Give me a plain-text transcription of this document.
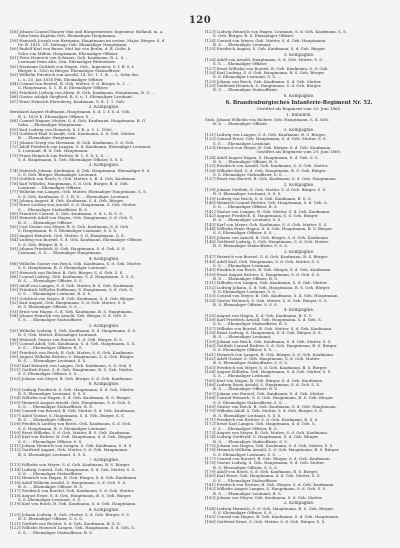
120
[58] Johann Conrad Maurer Mai und Bürgermeister, Ingenieur, Holland, m. a.
Sohn beim Kapitän Geh. Ehemaligen Hauptmann.
[59] Heinrich Joseph von Hermann, Hauptmann im ersten, Major, Bürger, S. d.
Dr. B. 1810. 18. Zeitungs Geh. Ehemaliger Hauptmann.
[60] Rudolf Karl von Bauer, Mut hat von Berlin, d. B. Goltz, k.
Sohn von Militär, Hauptmann, Ehemaliger Offizier.
[61] Peter Heinrich von Schwarz, Geh. Kaufmann, R. L. S. ...
Leutnant beim Alte, Gen. Ehemaliger Rittmeister.
[62] Hermann Gottlieb von Hagen, Geh., Ingenieur, S. f. B. S. f.
Bürger, b. 1820 in Bürger. Ehemaliger Stabsoffizier.
[63] Wilhelm Friedrich von Arnold, 14. 09. 1. 1. B. ... L. Sohn des
L. u. 20. Jan 1818 Feb. Ehemaliger Offizier.
[64] Conrad von Borstel, B. Geh. Mutter, S. d. Bürger, k. 3. ...
S. Hauptmann, S. 1. B. d. Ehemaliger Offizier.
[65] Friedrich Ludwig von Ahlen, B. Geh. Kaufmann, Hauptmann, B. G. ...
[66] Gustav Adolph Siegfried, B. S. u. 1. Ehemaliger Leutnant.
[67] Ernst Heinrich Ehrenberg, Kaufmann, S. d. 1. 1. Geh.
2. Kompagnie.
Bernhard August Hoffmann, Hauptmann, S. d. 1. f. S. d. Geh.
B. L. 1820 K. Ehemaliger Offizier, S. ...
[68] Conrad Wagner, Mutter, S. d. Geh. Kaufmann. Hauptmann. B. G.
Sohn ... Ehemaliger Hauptmann.
[69] Karl Ludwig von Heinrich, S. f. B. u. 1. L. 1800.
[70] Gottfried Emil Schmidt, Geh. Kaufmann, S. d. Geh. Mutter.
B. ... Ehemaliger Hauptmann.
[71] Johann Georg von Hermann, B. Geh. Kaufmann, S. d. Geh.
[72] Adolf Friedrich von Langen, S. d. Kaufmann, Ehemaliger Leutnant.
S. Leutnant, B. d. Geh. Hauptmann.
[73] Franz Heinrich von Richter, B. 1. S. S. L. S. ...
S. d. Hauptmann, S. Geh. Ehemaliger Offizier, S. S. S.
3. Kompagnie.
[74] Heinrich Johann, Kaufmann, d. Geh. Hauptmann. Ehemaliger S. S.
S. S. Geh. Bürger, Ehemaliger Leutnant.
[75] Gottlieb von Reich, S. Geh. Mutter, L. B. d. Geh. Kaufmann.
[76] Karl Wilhelm, Hauptmann, S. d. Geh. Bürger, B. d. Geh.
Leutnant ... Ehemaliger Offizier.
[77] Wilhelm von Langen, Geh. Mutter, Ehemaliger Hauptmann, S. S.
S. S. Geh. Kaufmann, S. 1. B. S. ... Ehemaliger Leutnant.
[78] Johann August, B. Geh. Kaufmann, S. d. Geh. Bürger.
[79] Ernst Ludwig von Arnold, S. d. Hauptmann, S. Geh. Mutter.
S. ... Ehemaliger Stabsoffizier, B. S.
[80] Friedrich Conrad, S. Geh. Kaufmann, S. d. L. B. S. S.
[81] Heinrich Adolf von Hagen, Geh. Hauptmann, S. d. Geh. S.
B. S. ... Ehemaliger Offizier.
[82] Carl Gustav von Meyer, B. d. Geh. Kaufmann, S. d. Geh.
S. Hauptmann, B. S. Ehemaliger Leutnant, S. S. S.
[83] August Heinrich, Geh. Mutter, S. d. Hauptmann, S. S.
[84] Ludwig von Borstel, S. d. Geh. Kaufmann, Ehemaliger Offizier.
S. S. Geh. Bürger, B. S. ...
[85] Johann Friedrich, B. Geh. Hauptmann, S. d. Geh. S. S.
Leutnant, S. S. ... Ehemaliger Hauptmann.
4. Kompagnie.
[86] Wilhelm Gustav von Reich, Geh. Kaufmann, S. d. Geh. Mutter.
S. S. Hauptmann, B. S. Ehemaliger Leutnant.
[87] Heinrich von Richter, B. Geh. Bürger, S. d. Geh. S. S.
[88] Conrad Ludwig, Geh. Kaufmann, S. d. Hauptmann, S. S. S.
B. S. ... Ehemaliger Offizier, S. S.
[89] Adolf von Langen, S. d. Geh. Mutter, B. S. Geh. Kaufmann.
[90] Friedrich Wilhelm Hoffmann, S. Hauptmann, S. d. Geh. S.
S. S. ... Ehemaliger Leutnant, B. S. S.
[91] Gottfried von Meyer, B. Geh. Kaufmann, S. d. Geh. Bürger.
[92] Karl August, Geh. Hauptmann, S. d. Geh. Mutter, S. S.
B. S. Ehemaliger Offizier, S. S. ...
[93] Ernst von Hagen, S. d. Geh. Kaufmann, B. S. Hauptmann.
[94] Johann Heinrich von Arnold, Geh. Bürger, S. d. Geh. S.
S. S. ... Ehemaliger Stabsoffizier.
5. Kompagnie.
[95] Wilhelm Ludwig, S. Geh. Kaufmann, S. d. Hauptmann, S. S.
B. S. Geh. Mutter, Ehemaliger Leutnant.
[96] Heinrich Gustav von Borstel, S. d. Geh. Bürger, B. S.
[97] Conrad Adolf, Geh. Kaufmann, S. d. Geh. Hauptmann, S. S.
S. S. ... Ehemaliger Offizier, B. S.
[98] Friedrich von Reich, B. Geh. Mutter, S. d. Geh. Kaufmann.
[99] August Wilhelm Richter, S. Hauptmann, S. d. Geh. Bürger.
B. S. ... Ehemaliger Leutnant, S. S.
[100] Karl Heinrich von Langen, Geh. Kaufmann, S. d. Geh. S.
[101] Gottlieb Ernst, S. d. Geh. Hauptmann, B. S. Geh. Mutter.
S. S. Ehemaliger Offizier, S. S. ...
[102] Johann von Meyer, B. Geh. Bürger, S. d. Geh. Kaufmann.
6. Kompagnie.
[103] Ludwig Friedrich, S. Geh. Hauptmann, S. d. Geh. Mutter.
B. S. Ehemaliger Leutnant, S. S. S.
[104] Wilhelm von Hagen, S. d. Geh. Kaufmann, B. S. Bürger.
[105] Heinrich August Arnold, Geh. Hauptmann, S. d. Geh. S.
S. S. ... Ehemaliger Stabsoffizier, B. S.
[106] Conrad von Borstel, B. Geh. Mutter, S. d. Geh. Kaufmann.
[107] Adolf Gustav, S. Hauptmann, S. d. Geh. Bürger, S. S.
B. S. ... Ehemaliger Offizier.
[108] Friedrich Ludwig von Reich, Geh. Kaufmann, S. d. Geh.
S. S. Hauptmann, B. S. Ehemaliger Leutnant.
[109] Ernst Wilhelm, S. d. Geh. Mutter, B. S. Geh. Kaufmann.
[110] Karl von Richter, B. Geh. Hauptmann, S. d. Geh. Bürger.
S. S. ... Ehemaliger Offizier, S. S.
[111] Johann Heinrich von Langen, S. Geh. Kaufmann, S. d. S.
[112] Gottfried August, Geh. Mutter, S. d. Geh. Hauptmann.
B. S. Ehemaliger Leutnant, S. S. S.
7. Kompagnie.
[113] Wilhelm von Meyer, S. d. Geh. Kaufmann, B. S. Bürger.
[114] Ludwig Conrad, Geh. Hauptmann, S. d. Geh. Mutter, S. S.
S. S. ... Ehemaliger Stabsoffizier.
[115] Heinrich von Hagen, B. Geh. Bürger, S. d. Geh. Kaufmann.
[116] Adolf Wilhelm Arnold, S. Hauptmann, S. d. Geh. S. S.
B. S. ... Ehemaliger Offizier, B. S.
[117] Friedrich von Borstel, Geh. Kaufmann, S. d. Geh. Mutter.
[118] August Ernst, S. d. Geh. Hauptmann, B. S. Geh. Bürger.
S. S. Ehemaliger Leutnant, S. S. ...
[119] Karl von Reich, B. Geh. Kaufmann, S. d. Geh. Hauptmann.
8. Kompagnie.
[120] Johann Ludwig, S. Geh. Mutter, S. d. Geh. Bürger, S. S.
B. S. Ehemaliger Offizier, S. S. S.
[121] Gottlieb von Richter, S. d. Geh. Kaufmann, B. S. S.
[122] Wilhelm Heinrich Langen, Geh. Hauptmann, S. d. Geh. S.
S. S. ... Ehemaliger Stabsoffizier, B. S.
[123] Ludwig Heinrich von Hagen, Leutnant, S. d. Geh. Kaufmann, S. S.
S. Geh. Bürger, B. S. Ehemaliger Offizier.
[124] Conrad von Meyer, Geh. Mutter, S. d. Geh. Hauptmann.
B. S. ... Ehemaliger Leutnant.
[125] Friedrich August, S. Geh. Kaufmann, S. d. Geh. Bürger.
3. Kompagnie.
[126] Adolf von Arnold, Hauptmann, S. d. Geh. Mutter, S. S.
S. S. ... Ehemaliger Offizier.
[127] Ernst Wilhelm von Borstel, B. Geh. Kaufmann, S. d. Geh.
[128] Karl Ludwig, S. d. Geh. Hauptmann, B. S. Geh. Bürger.
S. S. Ehemaliger Leutnant, S. S. ...
[129] Johann von Reich, Geh. Kaufmann, S. d. Geh. Mutter.
[130] Gottfried Heinrich, S. Hauptmann, S. d. Geh. Bürger.
B. S. ... Ehemaliger Stabsoffizier.
6. Kompagnie.
6. Brandenburgisches Infanterie-Regiment Nr. 52.
Gestiftet als Regiment vom 29. Juni 1860.
1. Bataillon.
Stab. Johann Wilhelm von Richter, Geh. Hauptmann, S. d. Geh.
B. S. ... Ehemaliger Offizier.
1. Kompagnie.
[131] Ludwig von Langen, S. d. Geh. Kaufmann, B. S. Bürger.
[132] Conrad Ernst, Geh. Hauptmann, S. d. Geh. Mutter, S. S.
S. S. ... Ehemaliger Leutnant.
[133] Heinrich von Meyer, B. Geh. Bürger, S. d. Geh. Kaufmann.
Gestiftet als Regiment vom 29. Juni 1860.
[134] Adolf August Hagen, S. Hauptmann, S. d. Geh. S. S.
B. S. ... Ehemaliger Offizier, B. S.
[135] Friedrich von Arnold, Geh. Kaufmann, S. d. Geh. Mutter.
[136] Wilhelm Karl, S. d. Geh. Hauptmann, B. S. Geh. Bürger.
S. S. Ehemaliger Stabsoffizier, S. S. ...
[137] Ernst von Borstel, B. Geh. Kaufmann, S. d. Geh. Hauptmann.
2. Kompagnie.
[138] Johann Gottlieb, S. Geh. Mutter, S. d. Geh. Bürger, S. S.
B. S. Ehemaliger Leutnant, S. S. S.
[139] Ludwig von Reich, S. d. Geh. Kaufmann, B. S. S.
[140] Heinrich Conrad Richter, Geh. Hauptmann, S. d. Geh. S.
S. S. ... Ehemaliger Offizier, B. S.
[141] Gustav von Langen, B. Geh. Mutter, S. d. Geh. Kaufmann.
[142] August Friedrich, S. Hauptmann, S. d. Geh. Bürger.
B. S. ... Ehemaliger Leutnant, S. S.
[143] Karl von Meyer, Geh. Kaufmann, S. d. Geh. Mutter, S. S.
[144] Wilhelm Ernst Hagen, S. d. Geh. Hauptmann, B. S. Bürger.
S. S. Ehemaliger Offizier, S. S. ...
[145] Johann von Arnold, B. Geh. Bürger, S. d. Geh. Kaufmann.
[146] Gottfried Ludwig, S. Geh. Hauptmann, S. d. Geh. Mutter.
B. S. Ehemaliger Stabsoffizier, S. S. S.
3. Kompagnie.
[147] Heinrich von Borstel, S. d. Geh. Kaufmann, B. S. Bürger.
[148] Adolf Karl, Geh. Hauptmann, S. d. Geh. Mutter, S. S.
S. S. ... Ehemaliger Leutnant.
[149] Friedrich von Reich, B. Geh. Bürger, S. d. Geh. Kaufmann.
[150] Ernst August Richter, S. Hauptmann, S. d. Geh. S. S.
B. S. ... Ehemaliger Offizier, B. S.
[151] Wilhelm von Langen, Geh. Kaufmann, S. d. Geh. Mutter.
[152] Ludwig Johann, S. d. Geh. Hauptmann, B. S. Geh. Bürger.
S. S. Ehemaliger Leutnant, S. S. ...
[153] Conrad von Meyer, B. Geh. Kaufmann, S. d. Geh. Hauptmann.
[154] Gustav Heinrich, S. Geh. Mutter, S. d. Geh. Bürger, S. S.
B. S. Ehemaliger Offizier, S. S. S.
4. Kompagnie.
[155] August von Hagen, S. d. Geh. Kaufmann, B. S. S.
[156] Karl Friedrich Arnold, Geh. Hauptmann, S. d. Geh. S.
S. S. ... Ehemaliger Stabsoffizier, B. S.
[157] Wilhelm von Borstel, B. Geh. Mutter, S. d. Geh. Kaufmann.
[158] Ernst Ludwig, S. Hauptmann, S. d. Geh. Bürger, S. S.
B. S. ... Ehemaliger Leutnant.
[159] Johann von Reich, Geh. Kaufmann, S. d. Geh. Mutter, S. S.
[160] Gottlieb Conrad Richter, S. d. Geh. Hauptmann, B. S. Bürger.
S. S. Ehemaliger Offizier, S. S. ...
[161] Heinrich von Langen, B. Geh. Bürger, S. d. Geh. Kaufmann.
[162] Adolf Gustav, S. Geh. Hauptmann, S. d. Geh. Mutter.
B. S. Ehemaliger Stabsoffizier, S. S. S.
[163] Friedrich von Meyer, S. d. Geh. Kaufmann, B. S. Bürger.
[164] August Wilhelm, Geh. Hauptmann, S. d. Geh. Mutter, S. S.
S. S. ... Ehemaliger Leutnant.
[165] Karl von Hagen, B. Geh. Bürger, S. d. Geh. Kaufmann.
[166] Ludwig Ernst Arnold, S. Hauptmann, S. d. Geh. S. S.
B. S. ... Ehemaliger Offizier, B. S.
[167] Johann von Borstel, Geh. Kaufmann, S. d. Geh. Mutter.
[168] Conrad Heinrich, S. d. Geh. Hauptmann, B. S. Geh. Bürger.
S. S. Ehemaliger Stabsoffizier, S. S. ...
[169] Gustav von Reich, B. Geh. Kaufmann, S. d. Geh. Hauptmann.
[170] Wilhelm Adolf, S. Geh. Mutter, S. d. Geh. Bürger, S. S.
B. S. Ehemaliger Leutnant, S. S. S.
[171] Friedrich von Richter, S. d. Geh. Kaufmann, B. S. S.
[172] Ernst Karl Langen, Geh. Hauptmann, S. d. Geh. S.
S. S. ... Ehemaliger Offizier, B. S.
[173] August von Meyer, B. Geh. Mutter, S. d. Geh. Kaufmann.
[174] Ludwig Gottfried, S. Hauptmann, S. d. Geh. Bürger.
B. S. ... Ehemaliger Stabsoffizier, S. S.
[175] Johann von Hagen, Geh. Kaufmann, S. d. Geh. Mutter, S. S.
[176] Heinrich Wilhelm Arnold, S. d. Geh. Hauptmann, B. S. Bürger.
S. S. Ehemaliger Leutnant, S. S. ...
[177] Conrad von Borstel, B. Geh. Bürger, S. d. Geh. Kaufmann.
[178] Gustav Ludwig, S. Geh. Hauptmann, S. d. Geh. Mutter.
B. S. Ehemaliger Offizier, S. S. S.
[179] Adolf von Reich, S. d. Geh. Kaufmann, B. S. Bürger.
[180] Karl Ernst, Geh. Hauptmann, S. d. Geh. Mutter, S. S.
S. S. ... Ehemaliger Stabsoffizier.
[181] Friedrich von Richter, B. Geh. Bürger, S. d. Geh. Kaufmann.
[182] Wilhelm August Langen, S. Hauptmann, S. d. Geh. S. S.
B. S. ... Ehemaliger Leutnant, B. S.
[183] Johann von Meyer, Geh. Kaufmann, S. d. Geh. Mutter.
2. Kompagnie.
[184] Ludwig Heinrich, S. d. Geh. Hauptmann, B. S. Geh. Bürger.
S. S. Ehemaliger Offizier, S. S. ...
[185] Conrad von Hagen, B. Geh. Kaufmann, S. d. Geh. Hauptmann.
[186] Gottfried Ernst, S. Geh. Mutter, S. d. Geh. Bürger, S. S.
